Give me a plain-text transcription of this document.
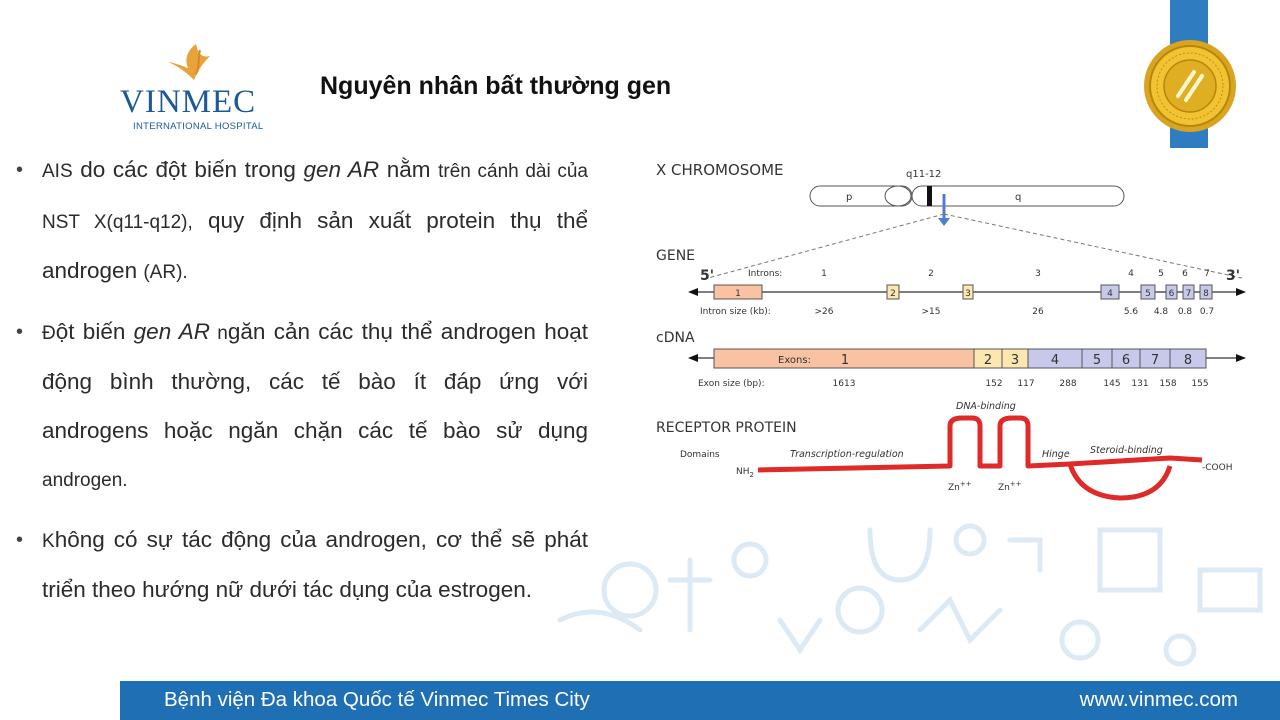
VINMEC
INTERNATIONAL HOSPITAL
Nguyên nhân bất thường gen
• AIS do các đột biến trong gen AR nằm trên cánh dài của NST X(q11-q12), quy định sản xuất protein thụ thể androgen (AR).
• Đột biến gen AR ngăn cản các thụ thể androgen hoạt động bình thường, các tế bào ít đáp ứng với androgens hoặc ngăn chặn các tế bào sử dụng androgen.
• Không có sự tác động của androgen, cơ thể sẽ phát triển theo hướng nữ dưới tác dụng của estrogen.
X CHROMOSOME	q11-12
p	q
GENE
5'	3'
Introns:	1	2	3	4	5 6 7
1	2	3	4	5 6 7 8
Intron size (kb):	>26	>15	26	5.6 4.8 0.8 0.7
cDNA
1	2 3 4	5 6 7 8
Exons:
Exon size (bp):	1613	152 117	288	145 131 158 155
RECEPTOR PROTEIN
Domains	Transcription-regulation
DNA-binding
Hinge Steroid-binding
$NH_2$
-COOH
Zn++	Zn++
Bệnh viện Đa khoa Quốc tế Vinmec Times City	www.vinmec.com
